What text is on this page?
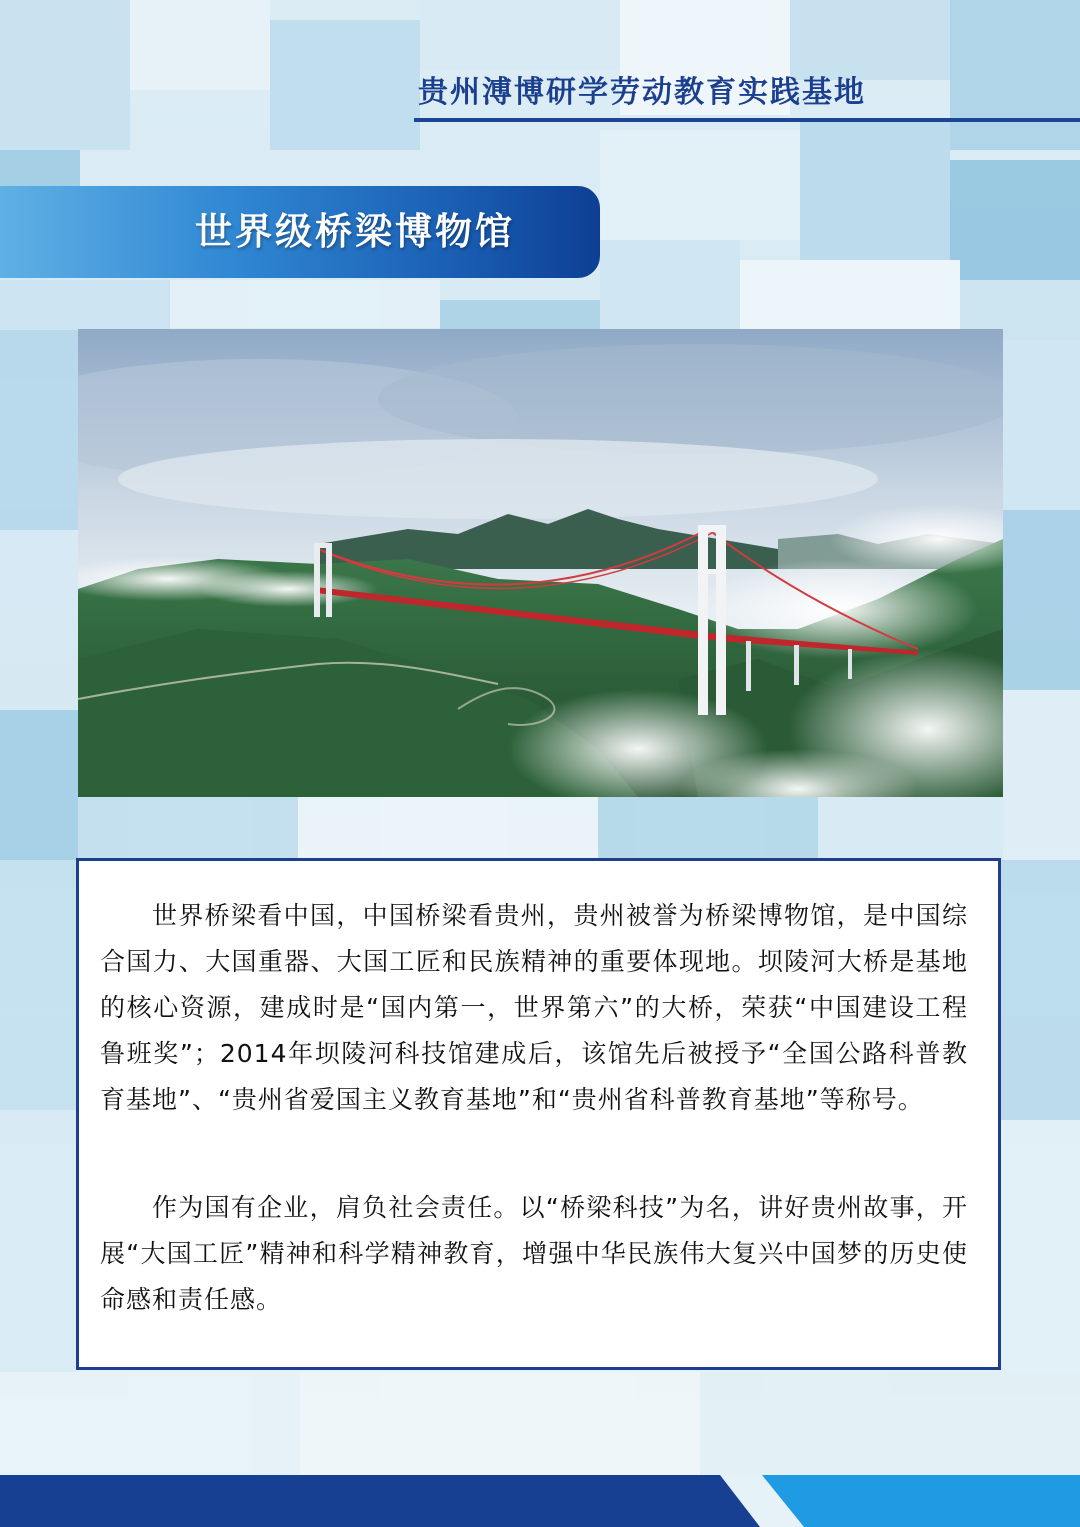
贵州溥博研学劳动教育实践基地
世界级桥梁博物馆

世界桥梁看中国，中国桥梁看贵州，贵州被誉为桥梁博物馆，是中国综合国力、大国重器、大国工匠和民族精神的重要体现地。坝陵河大桥是基地的核心资源，建成时是“国内第一，世界第六”的大桥，荣获“中国建设工程鲁班奖”；2014年坝陵河科技馆建成后，该馆先后被授予“全国公路科普教育基地”、“贵州省爱国主义教育基地”和“贵州省科普教育基地”等称号。

作为国有企业，肩负社会责任。以“桥梁科技”为名，讲好贵州故事，开展“大国工匠”精神和科学精神教育，增强中华民族伟大复兴中国梦的历史使命感和责任感。
